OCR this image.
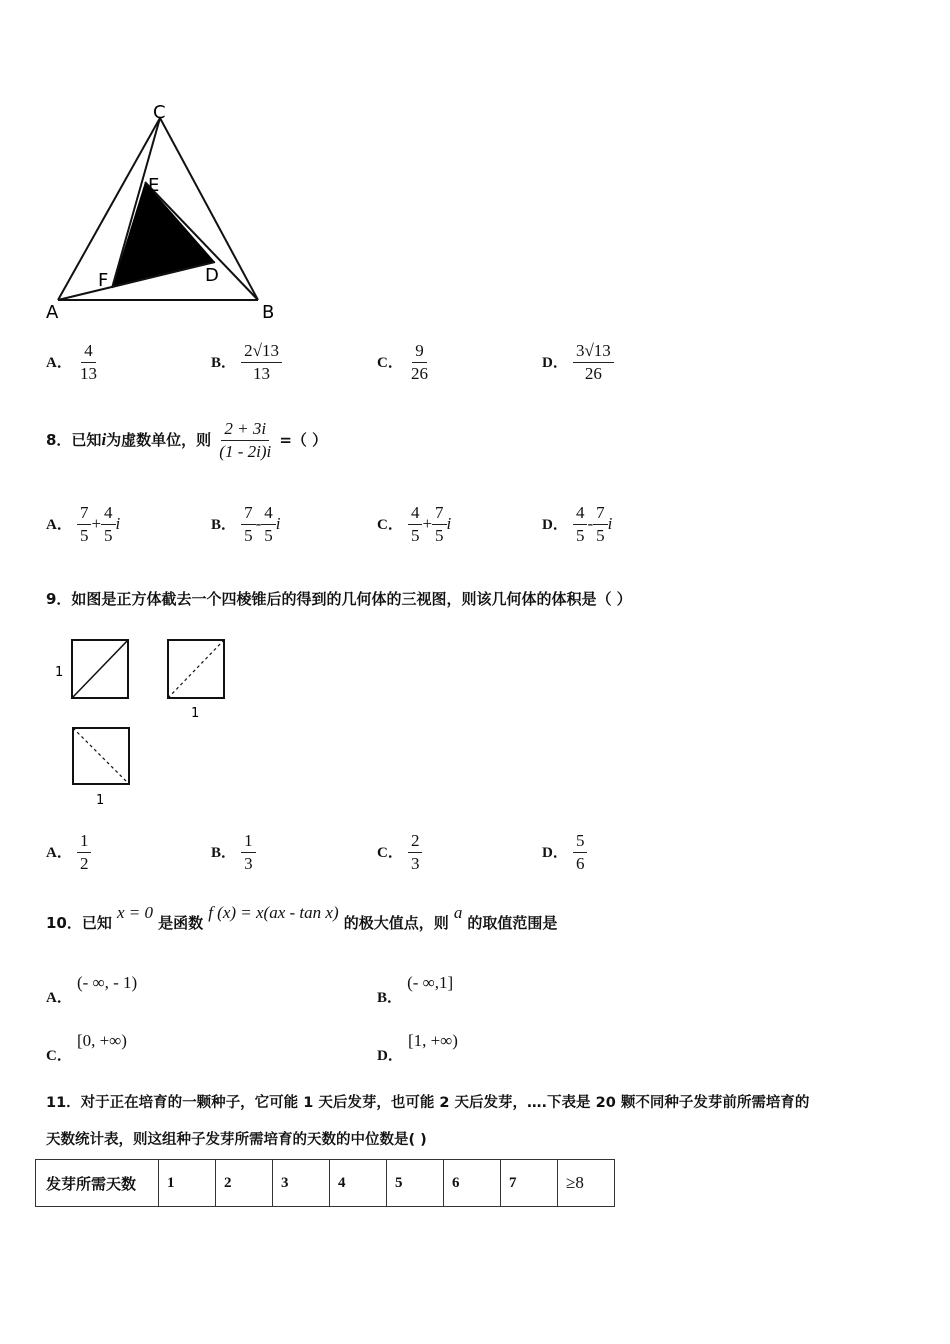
C
E
D
F
A	B
A． $\frac{4}{13}$	B． $\frac{2√13}{13}$	C． $\frac{9}{26}$	D． $\frac{3√13}{26}$
8．已知i为虚数单位，则 $\frac{2 + 3i}{(1 - 2i)i}$ =（ ）
A． $\frac{7}{5} + \frac{4}{5}$ i	B． $\frac{7}{5} - \frac{4}{5}$ i	C． $\frac{4}{5} + \frac{7}{5}$ i	D． $\frac{4}{5} - \frac{7}{5}$ i
9．如图是正方体截去一个四棱锥后的得到的几何体的三视图，则该几何体的体积是（ ）
1
1
1
A． $\frac{1}{2}$	B． $\frac{1}{3}$	C． $\frac{2}{3}$	D． $\frac{5}{6}$
10．已知 x = 0 是函数 f (x) = x(ax - tan x) 的极大值点，则 a 的取值范围是
A． (- ∞, - 1)
B． (- ∞,1]
C． [0, +∞)
D． [1, +∞)
11．对于正在培育的一颗种子，它可能 1 天后发芽，也可能 2 天后发芽，….下表是 20 颗不同种子发芽前所需培育的
天数统计表，则这组种子发芽所需培育的天数的中位数是( )
发芽所需天数	1	2	3	4	5	6	7	≥8
